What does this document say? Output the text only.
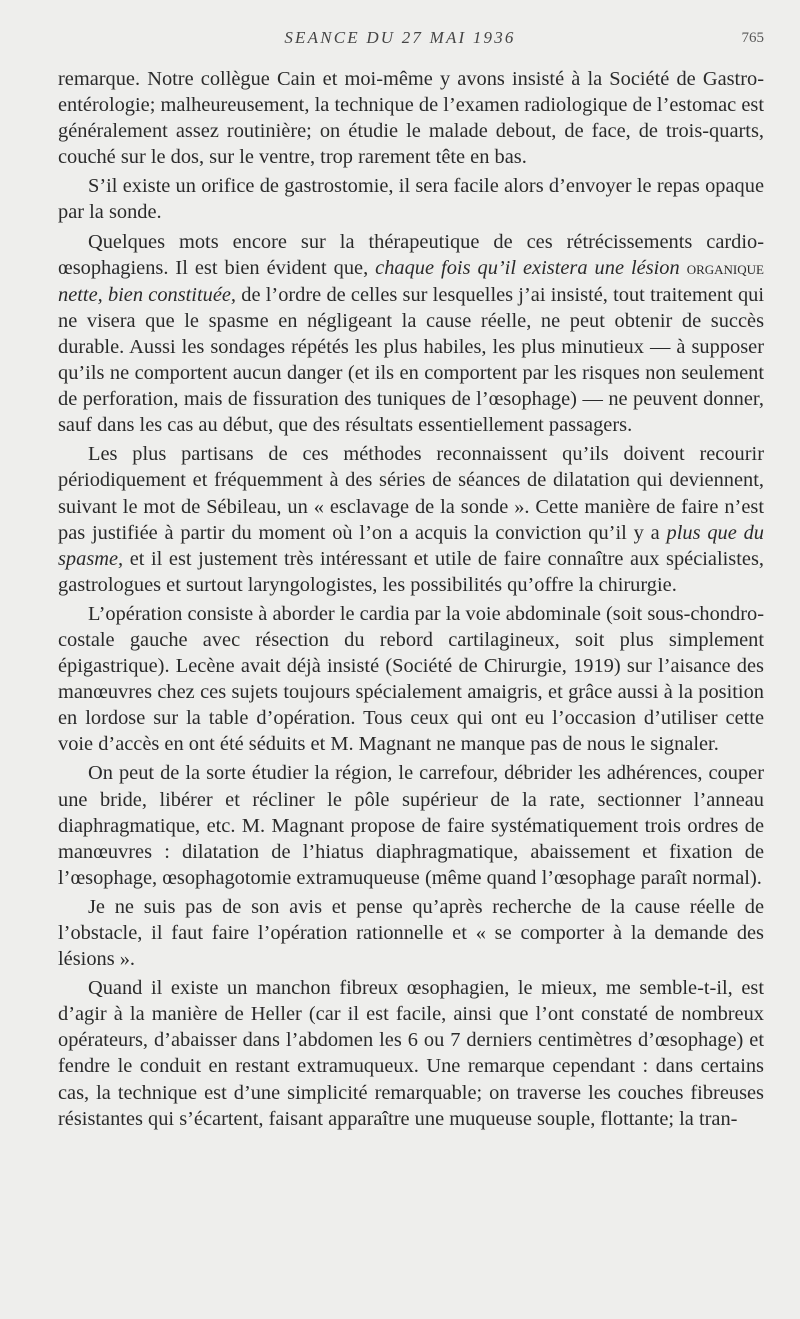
SEANCE DU 27 MAI 1936	765

remarque. Notre collègue Cain et moi-même y avons insisté à la Société de Gastro-entérologie; malheureusement, la technique de l’examen radiologique de l’estomac est généralement assez routinière; on étudie le malade debout, de face, de trois-quarts, couché sur le dos, sur le ventre, trop rarement tête en bas.

S’il existe un orifice de gastrostomie, il sera facile alors d’envoyer le repas opaque par la sonde.

Quelques mots encore sur la thérapeutique de ces rétrécissements cardio-œsophagiens. Il est bien évident que, chaque fois qu’il existera une lésion organique nette, bien constituée, de l’ordre de celles sur lesquelles j’ai insisté, tout traitement qui ne visera que le spasme en négligeant la cause réelle, ne peut obtenir de succès durable. Aussi les sondages répétés les plus habiles, les plus minutieux — à supposer qu’ils ne comportent aucun danger (et ils en comportent par les risques non seulement de perforation, mais de fissuration des tuniques de l’œsophage) — ne peuvent donner, sauf dans les cas au début, que des résultats essentiellement passagers.

Les plus partisans de ces méthodes reconnaissent qu’ils doivent recourir périodiquement et fréquemment à des séries de séances de dilatation qui deviennent, suivant le mot de Sébileau, un « esclavage de la sonde ». Cette manière de faire n’est pas justifiée à partir du moment où l’on a acquis la conviction qu’il y a plus que du spasme, et il est justement très intéressant et utile de faire connaître aux spécialistes, gastrologues et surtout laryngologistes, les possibilités qu’offre la chirurgie.

L’opération consiste à aborder le cardia par la voie abdominale (soit sous-chondro-costale gauche avec résection du rebord cartilagineux, soit plus simplement épigastrique). Lecène avait déjà insisté (Société de Chirurgie, 1919) sur l’aisance des manœuvres chez ces sujets toujours spécialement amaigris, et grâce aussi à la position en lordose sur la table d’opération. Tous ceux qui ont eu l’occasion d’utiliser cette voie d’accès en ont été séduits et M. Magnant ne manque pas de nous le signaler.

On peut de la sorte étudier la région, le carrefour, débrider les adhérences, couper une bride, libérer et récliner le pôle supérieur de la rate, sectionner l’anneau diaphragmatique, etc. M. Magnant propose de faire systématiquement trois ordres de manœuvres : dilatation de l’hiatus diaphragmatique, abaissement et fixation de l’œsophage, œsophagotomie extramuqueuse (même quand l’œsophage paraît normal).

Je ne suis pas de son avis et pense qu’après recherche de la cause réelle de l’obstacle, il faut faire l’opération rationnelle et « se comporter à la demande des lésions ».

Quand il existe un manchon fibreux œsophagien, le mieux, me semble-t-il, est d’agir à la manière de Heller (car il est facile, ainsi que l’ont constaté de nombreux opérateurs, d’abaisser dans l’abdomen les 6 ou 7 derniers centimètres d’œsophage) et fendre le conduit en restant extramuqueux. Une remarque cependant : dans certains cas, la technique est d’une simplicité remarquable; on traverse les couches fibreuses résistantes qui s’écartent, faisant apparaître une muqueuse souple, flottante; la tran-
